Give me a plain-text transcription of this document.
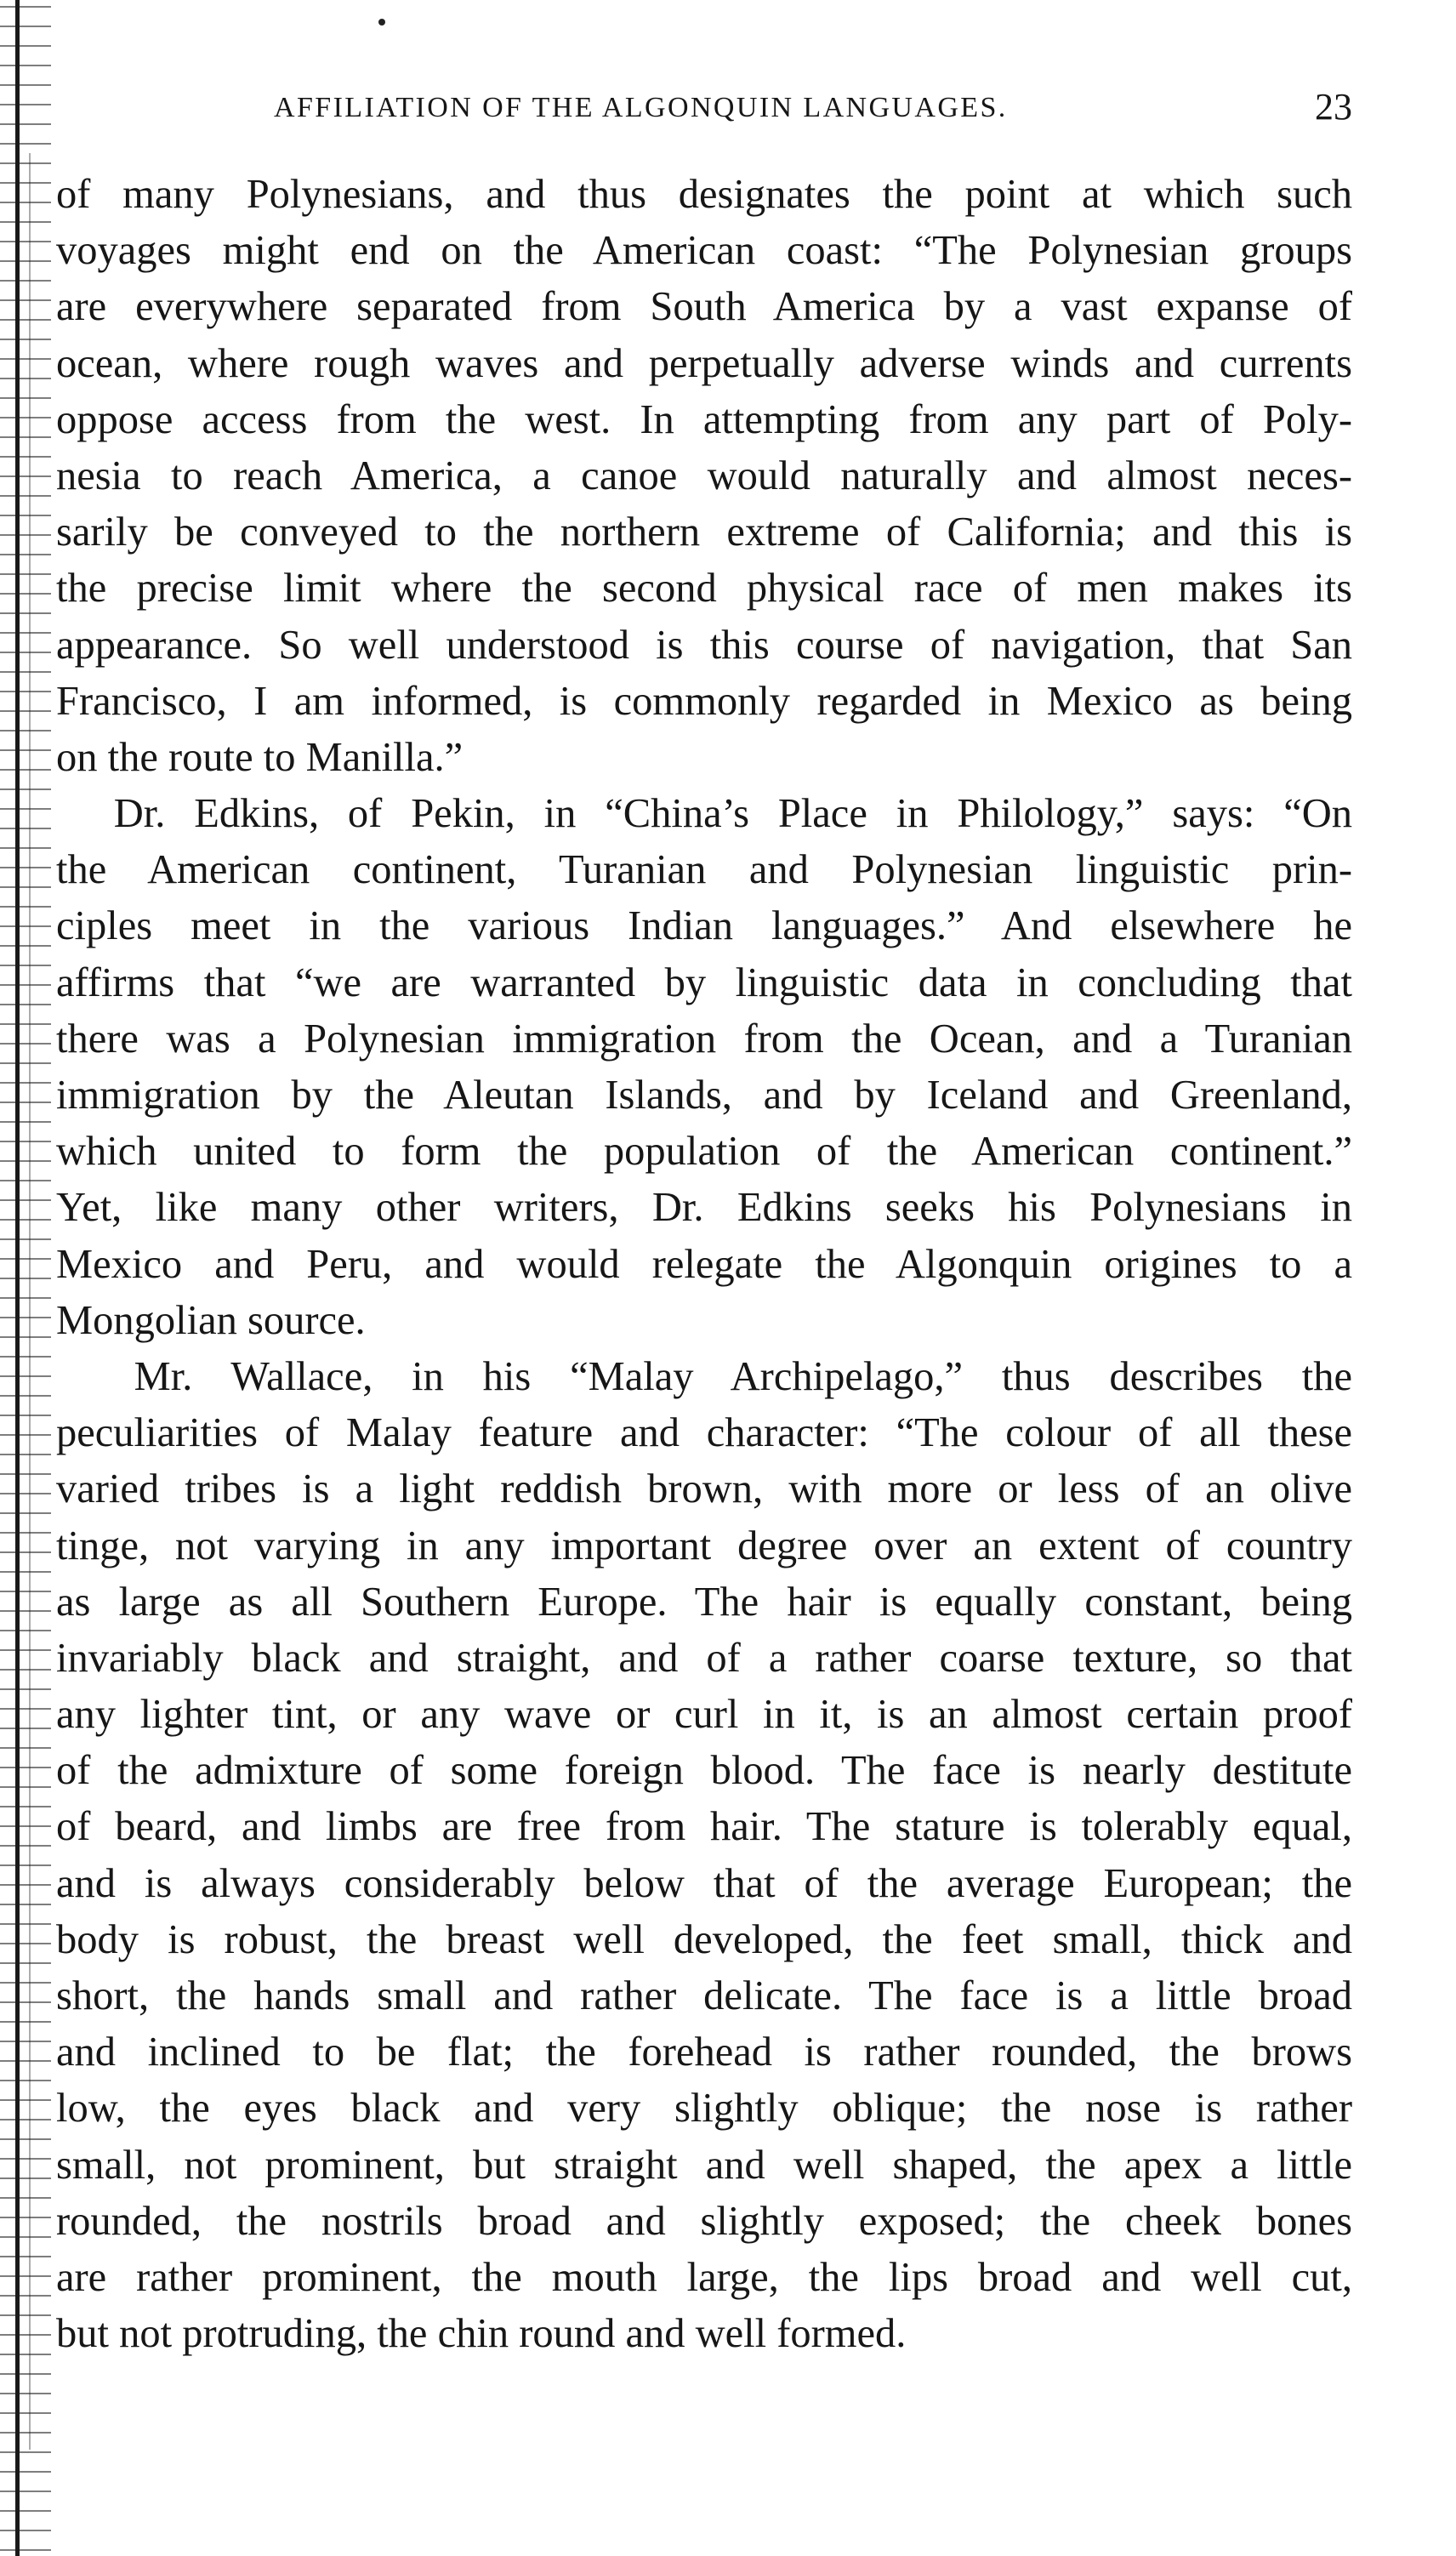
AFFILIATION OF THE ALGONQUIN LANGUAGES.	23
of many Polynesians, and thus designates the point at which such
voyages might end on the American coast: “The Polynesian groups
are everywhere separated from South America by a vast expanse of
ocean, where rough waves and perpetually adverse winds and currents
oppose access from the west. In attempting from any part of Poly-
nesia to reach America, a canoe would naturally and almost neces-
sarily be conveyed to the northern extreme of California; and this is
the precise limit where the second physical race of men makes its
appearance. So well understood is this course of navigation, that San
Francisco, I am informed, is commonly regarded in Mexico as being
on the route to Manilla.”
Dr. Edkins, of Pekin, in “China’s Place in Philology,” says: “On
the American continent, Turanian and Polynesian linguistic prin-
ciples meet in the various Indian languages.” And elsewhere he
affirms that “we are warranted by linguistic data in concluding that
there was a Polynesian immigration from the Ocean, and a Turanian
immigration by the Aleutan Islands, and by Iceland and Greenland,
which united to form the population of the American continent.”
Yet, like many other writers, Dr. Edkins seeks his Polynesians in
Mexico and Peru, and would relegate the Algonquin origines to a
Mongolian source.
Mr. Wallace, in his “Malay Archipelago,” thus describes the
peculiarities of Malay feature and character: “The colour of all these
varied tribes is a light reddish brown, with more or less of an olive
tinge, not varying in any important degree over an extent of country
as large as all Southern Europe. The hair is equally constant, being
invariably black and straight, and of a rather coarse texture, so that
any lighter tint, or any wave or curl in it, is an almost certain proof
of the admixture of some foreign blood. The face is nearly destitute
of beard, and limbs are free from hair. The stature is tolerably equal,
and is always considerably below that of the average European; the
body is robust, the breast well developed, the feet small, thick and
short, the hands small and rather delicate. The face is a little broad
and inclined to be flat; the forehead is rather rounded, the brows
low, the eyes black and very slightly oblique; the nose is rather
small, not prominent, but straight and well shaped, the apex a little
rounded, the nostrils broad and slightly exposed; the cheek bones
are rather prominent, the mouth large, the lips broad and well cut,
but not protruding, the chin round and well formed.
